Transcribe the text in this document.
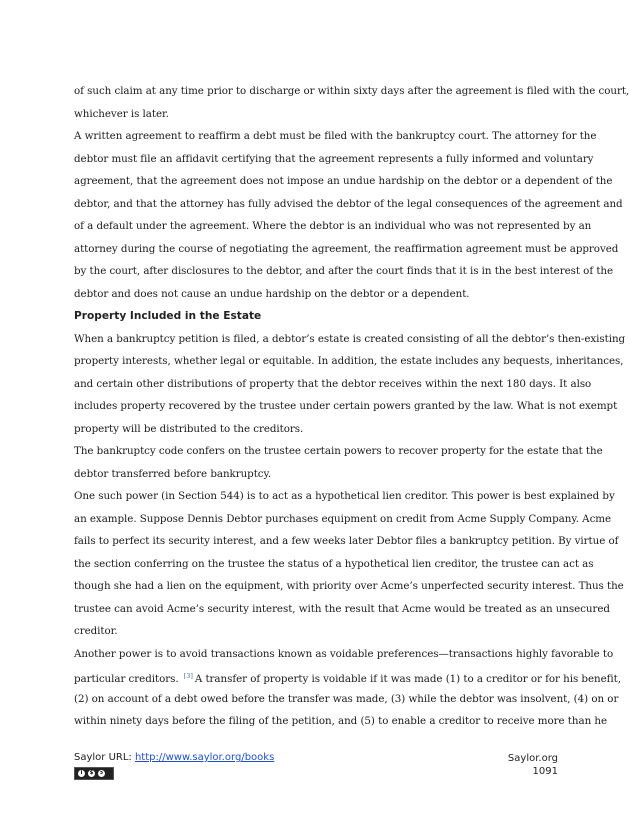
of such claim at any time prior to discharge or within sixty days after the agreement is filed with the court,
whichever is later.
A written agreement to reaffirm a debt must be filed with the bankruptcy court. The attorney for the
debtor must file an affidavit certifying that the agreement represents a fully informed and voluntary
agreement, that the agreement does not impose an undue hardship on the debtor or a dependent of the
debtor, and that the attorney has fully advised the debtor of the legal consequences of the agreement and
of a default under the agreement. Where the debtor is an individual who was not represented by an
attorney during the course of negotiating the agreement, the reaffirmation agreement must be approved
by the court, after disclosures to the debtor, and after the court finds that it is in the best interest of the
debtor and does not cause an undue hardship on the debtor or a dependent.
Property Included in the Estate
When a bankruptcy petition is filed, a debtor’s estate is created consisting of all the debtor’s then-existing
property interests, whether legal or equitable. In addition, the estate includes any bequests, inheritances,
and certain other distributions of property that the debtor receives within the next 180 days. It also
includes property recovered by the trustee under certain powers granted by the law. What is not exempt
property will be distributed to the creditors.
The bankruptcy code confers on the trustee certain powers to recover property for the estate that the
debtor transferred before bankruptcy.
One such power (in Section 544) is to act as a hypothetical lien creditor. This power is best explained by
an example. Suppose Dennis Debtor purchases equipment on credit from Acme Supply Company. Acme
fails to perfect its security interest, and a few weeks later Debtor files a bankruptcy petition. By virtue of
the section conferring on the trustee the status of a hypothetical lien creditor, the trustee can act as
though she had a lien on the equipment, with priority over Acme’s unperfected security interest. Thus the
trustee can avoid Acme’s security interest, with the result that Acme would be treated as an unsecured
creditor.
Another power is to avoid transactions known as voidable preferences—transactions highly favorable to
particular creditors. [3] A transfer of property is voidable if it was made (1) to a creditor or for his benefit,
(2) on account of a debt owed before the transfer was made, (3) while the debtor was insolvent, (4) on or
within ninety days before the filing of the petition, and (5) to enable a creditor to receive more than he
Saylor URL: http://www.saylor.org/books
i	$	ↄ
Saylor.org
1091
